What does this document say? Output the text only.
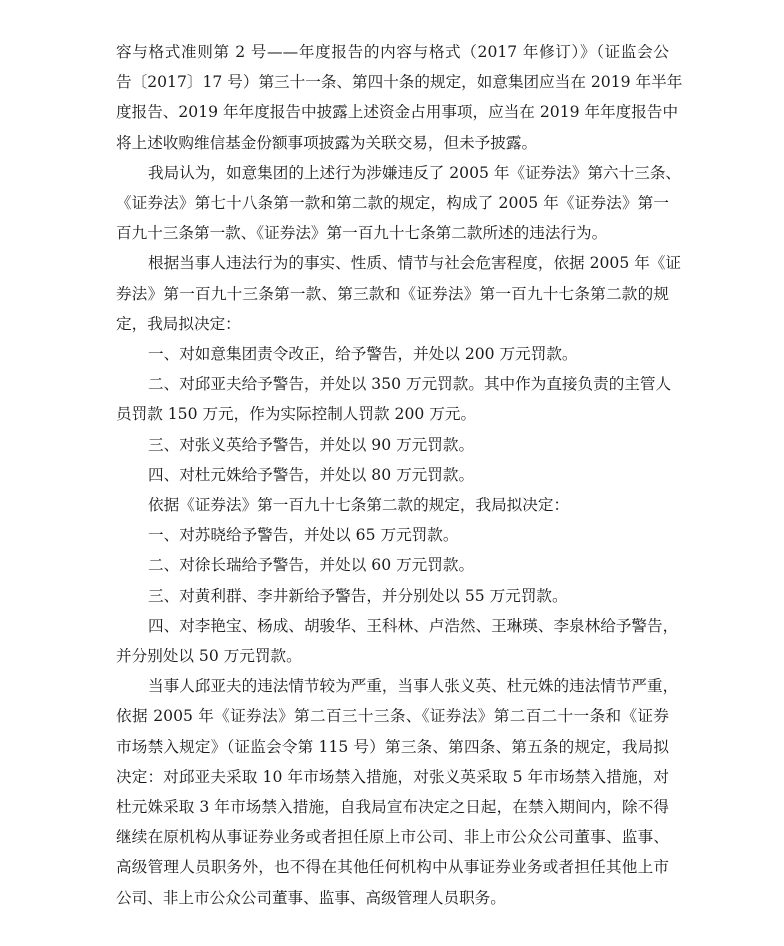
容与格式准则第 2 号——年度报告的内容与格式（2017 年修订）》（证监会公
告〔2017〕17 号）第三十一条、第四十条的规定，如意集团应当在 2019 年半年
度报告、2019 年年度报告中披露上述资金占用事项，应当在 2019 年年度报告中
将上述收购维信基金份额事项披露为关联交易，但未予披露。
我局认为，如意集团的上述行为涉嫌违反了 2005 年《证券法》第六十三条、
《证券法》第七十八条第一款和第二款的规定，构成了 2005 年《证券法》第一
百九十三条第一款、《证券法》第一百九十七条第二款所述的违法行为。
根据当事人违法行为的事实、性质、情节与社会危害程度，依据 2005 年《证
券法》第一百九十三条第一款、第三款和《证券法》第一百九十七条第二款的规
定，我局拟决定：
一、对如意集团责令改正，给予警告，并处以 200 万元罚款。
二、对邱亚夫给予警告，并处以 350 万元罚款。其中作为直接负责的主管人
员罚款 150 万元，作为实际控制人罚款 200 万元。
三、对张义英给予警告，并处以 90 万元罚款。
四、对杜元姝给予警告，并处以 80 万元罚款。
依据《证券法》第一百九十七条第二款的规定，我局拟决定：
一、对苏晓给予警告，并处以 65 万元罚款。
二、对徐长瑞给予警告，并处以 60 万元罚款。
三、对黄利群、李井新给予警告，并分别处以 55 万元罚款。
四、对李艳宝、杨成、胡骏华、王科林、卢浩然、王琳瑛、李泉林给予警告，
并分别处以 50 万元罚款。
当事人邱亚夫的违法情节较为严重，当事人张义英、杜元姝的违法情节严重，
依据 2005 年《证券法》第二百三十三条、《证券法》第二百二十一条和《证券
市场禁入规定》（证监会令第 115 号）第三条、第四条、第五条的规定，我局拟
决定：对邱亚夫采取 10 年市场禁入措施，对张义英采取 5 年市场禁入措施，对
杜元姝采取 3 年市场禁入措施，自我局宣布决定之日起，在禁入期间内，除不得
继续在原机构从事证券业务或者担任原上市公司、非上市公众公司董事、监事、
高级管理人员职务外，也不得在其他任何机构中从事证券业务或者担任其他上市
公司、非上市公众公司董事、监事、高级管理人员职务。
